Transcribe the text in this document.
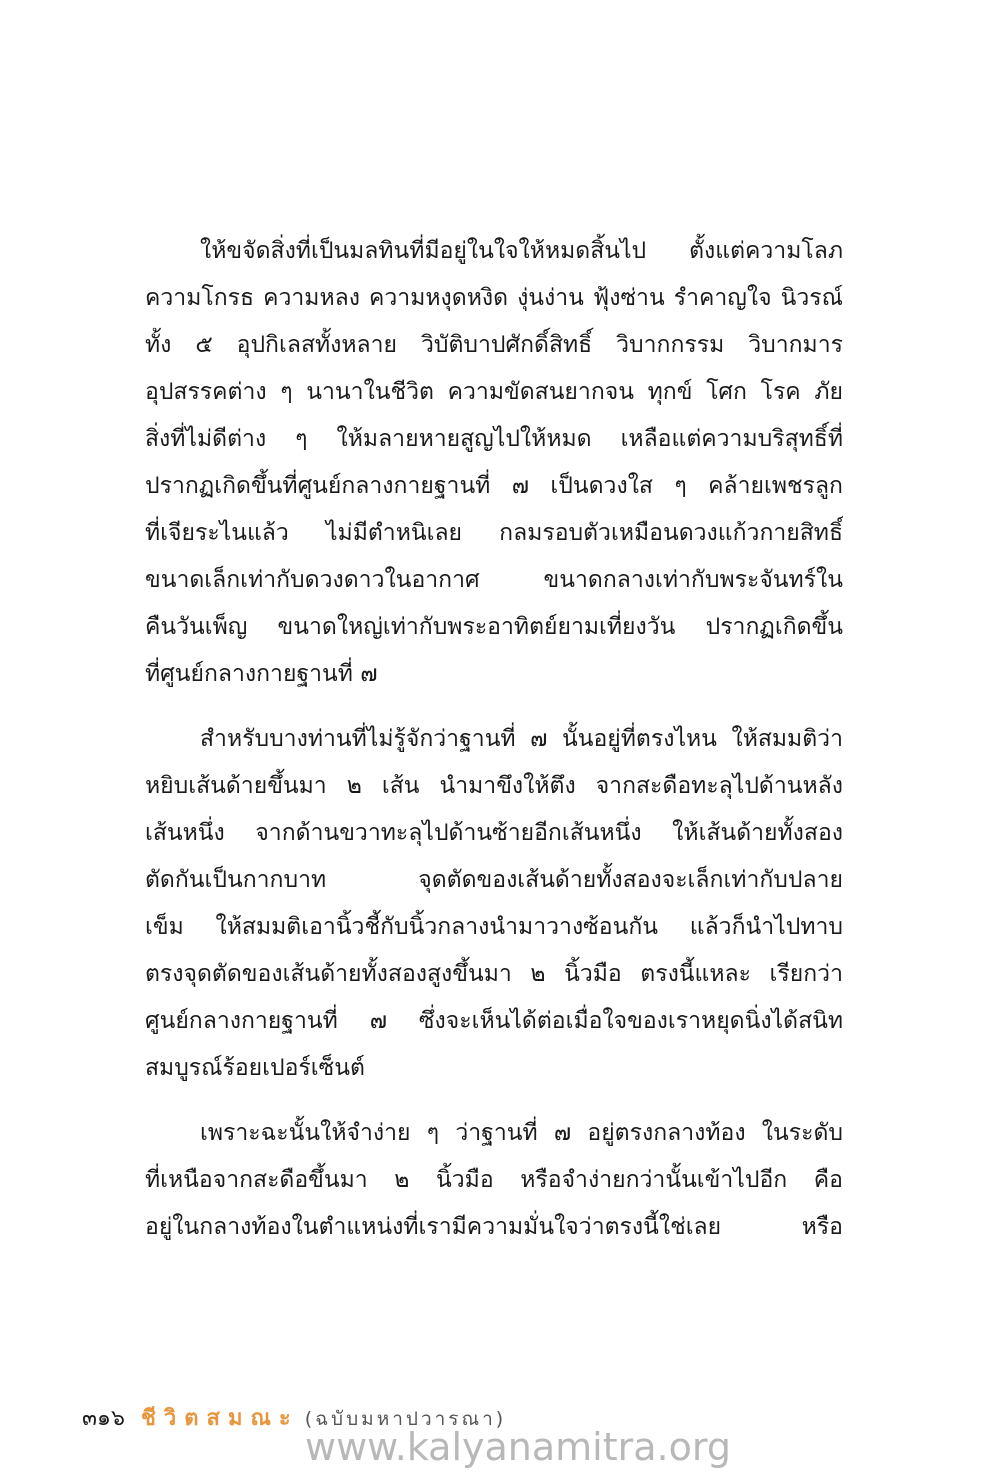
ให้ขจัดสิ่งที่เป็นมลทินที่มีอยู่ในใจให้หมดสิ้นไป ตั้งแต่ความโลภ
ความโกรธ ความหลง ความหงุดหงิด งุ่นง่าน ฟุ้งซ่าน รำคาญใจ นิวรณ์
ทั้ง ๕ อุปกิเลสทั้งหลาย วิบัติบาปศักดิ์สิทธิ์ วิบากกรรม วิบากมาร
อุปสรรคต่าง ๆ นานาในชีวิต ความขัดสนยากจน ทุกข์ โศก โรค ภัย
สิ่งที่ไม่ดีต่าง ๆ ให้มลายหายสูญไปให้หมด เหลือแต่ความบริสุทธิ์ที่
ปรากฏเกิดขึ้นที่ศูนย์กลางกายฐานที่ ๗ เป็นดวงใส ๆ คล้ายเพชรลูก
ที่เจียระไนแล้ว ไม่มีตำหนิเลย กลมรอบตัวเหมือนดวงแก้วกายสิทธิ์
ขนาดเล็กเท่ากับดวงดาวในอากาศ ขนาดกลางเท่ากับพระจันทร์ใน
คืนวันเพ็ญ ขนาดใหญ่เท่ากับพระอาทิตย์ยามเที่ยงวัน ปรากฏเกิดขึ้น
ที่ศูนย์กลางกายฐานที่ ๗

สำหรับบางท่านที่ไม่รู้จักว่าฐานที่ ๗ นั้นอยู่ที่ตรงไหน ให้สมมติว่า
หยิบเส้นด้ายขึ้นมา ๒ เส้น นำมาขึงให้ตึง จากสะดือทะลุไปด้านหลัง
เส้นหนึ่ง จากด้านขวาทะลุไปด้านซ้ายอีกเส้นหนึ่ง ให้เส้นด้ายทั้งสอง
ตัดกันเป็นกากบาท จุดตัดของเส้นด้ายทั้งสองจะเล็กเท่ากับปลาย
เข็ม ให้สมมติเอานิ้วชี้กับนิ้วกลางนำมาวางซ้อนกัน แล้วก็นำไปทาบ
ตรงจุดตัดของเส้นด้ายทั้งสองสูงขึ้นมา ๒ นิ้วมือ ตรงนี้แหละ เรียกว่า
ศูนย์กลางกายฐานที่ ๗ ซึ่งจะเห็นได้ต่อเมื่อใจของเราหยุดนิ่งได้สนิท
สมบูรณ์ร้อยเปอร์เซ็นต์

เพราะฉะนั้นให้จำง่าย ๆ ว่าฐานที่ ๗ อยู่ตรงกลางท้อง ในระดับ
ที่เหนือจากสะดือขึ้นมา ๒ นิ้วมือ หรือจำง่ายกว่านั้นเข้าไปอีก คือ
อยู่ในกลางท้องในตำแหน่งที่เรามีความมั่นใจว่าตรงนี้ใช่เลย หรือ

๓๑๖ ชีวิตสมณะ (ฉบับมหาปวารณา)
www.kalyanamitra.org
